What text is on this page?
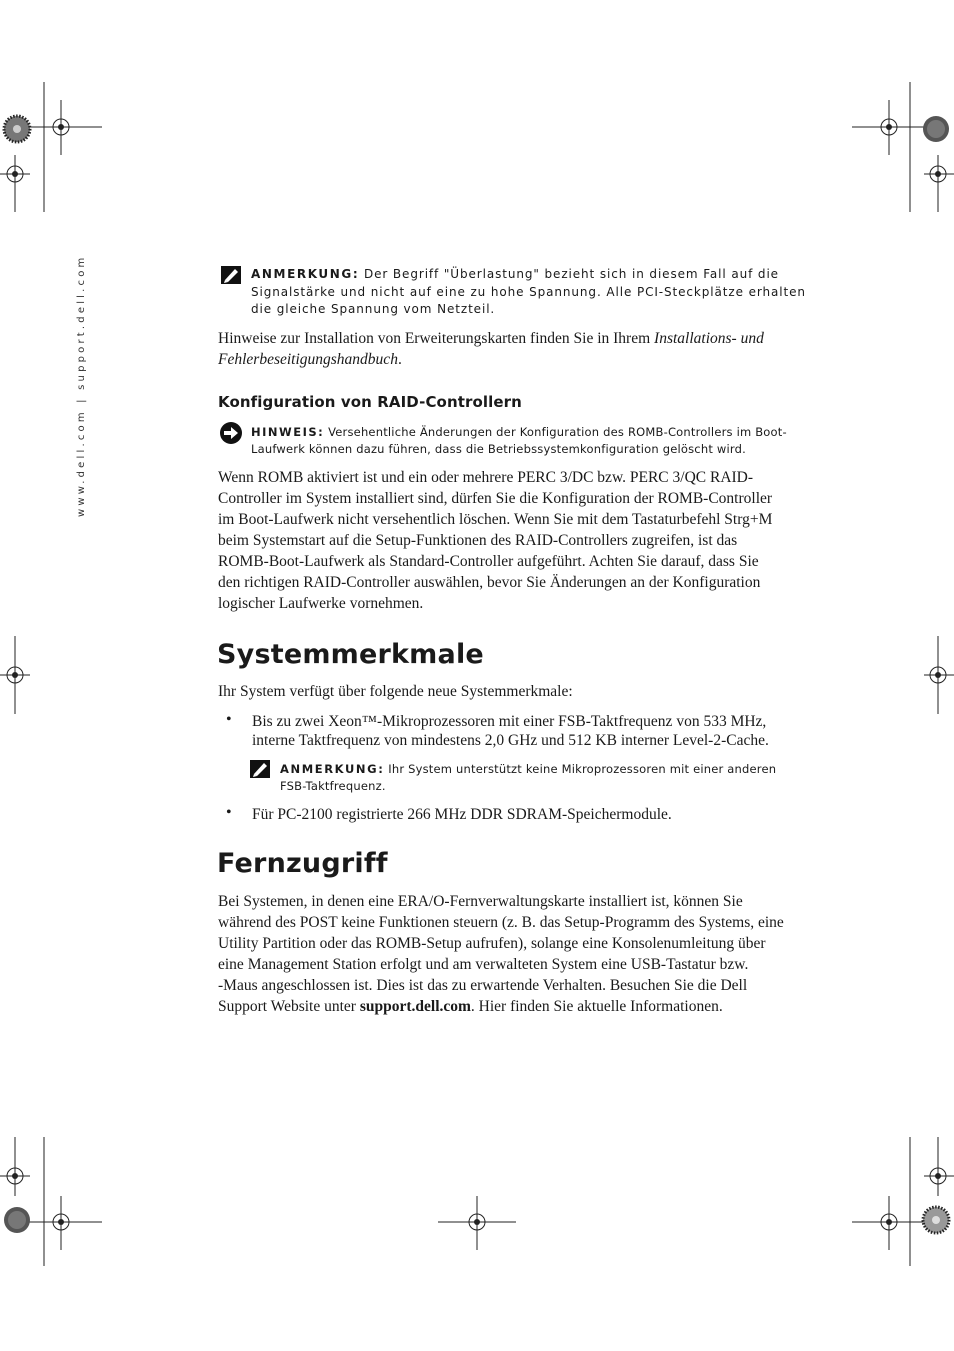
www.dell.com | support.dell.com	ANMERKUNG: Der Begriff "Überlastung" bezieht sich in diesem Fall auf die
Signalstärke und nicht auf eine zu hohe Spannung. Alle PCI-Steckplätze erhalten
die gleiche Spannung vom Netzteil.
Hinweise zur Installation von Erweiterungskarten finden Sie in Ihrem Installations- und
Fehlerbeseitigungshandbuch.
Konfiguration von RAID-Controllern
HINWEIS: Versehentliche Änderungen der Konfiguration des ROMB-Controllers im Boot-
Laufwerk können dazu führen, dass die Betriebssystemkonfiguration gelöscht wird.
Wenn ROMB aktiviert ist und ein oder mehrere PERC 3/DC bzw. PERC 3/QC RAID-
Controller im System installiert sind, dürfen Sie die Konfiguration der ROMB-Controller
im Boot-Laufwerk nicht versehentlich löschen. Wenn Sie mit dem Tastaturbefehl Strg+M
beim Systemstart auf die Setup-Funktionen des RAID-Controllers zugreifen, ist das
ROMB-Boot-Laufwerk als Standard-Controller aufgeführt. Achten Sie darauf, dass Sie
den richtigen RAID-Controller auswählen, bevor Sie Änderungen an der Konfiguration
logischer Laufwerke vornehmen.
Systemmerkmale
Ihr System verfügt über folgende neue Systemmerkmale:
• Bis zu zwei Xeon™-Mikroprozessoren mit einer FSB-Taktfrequenz von 533 MHz,
interne Taktfrequenz von mindestens 2,0 GHz und 512 KB interner Level-2-Cache.
ANMERKUNG: Ihr System unterstützt keine Mikroprozessoren mit einer anderen
FSB-Taktfrequenz.
• Für PC-2100 registrierte 266 MHz DDR SDRAM-Speichermodule.
Fernzugriff
Bei Systemen, in denen eine ERA/O-Fernverwaltungskarte installiert ist, können Sie
während des POST keine Funktionen steuern (z. B. das Setup-Programm des Systems, eine
Utility Partition oder das ROMB-Setup aufrufen), solange eine Konsolenumleitung über
eine Management Station erfolgt und am verwalteten System eine USB-Tastatur bzw.
-Maus angeschlossen ist. Dies ist das zu erwartende Verhalten. Besuchen Sie die Dell
Support Website unter support.dell.com. Hier finden Sie aktuelle Informationen.
